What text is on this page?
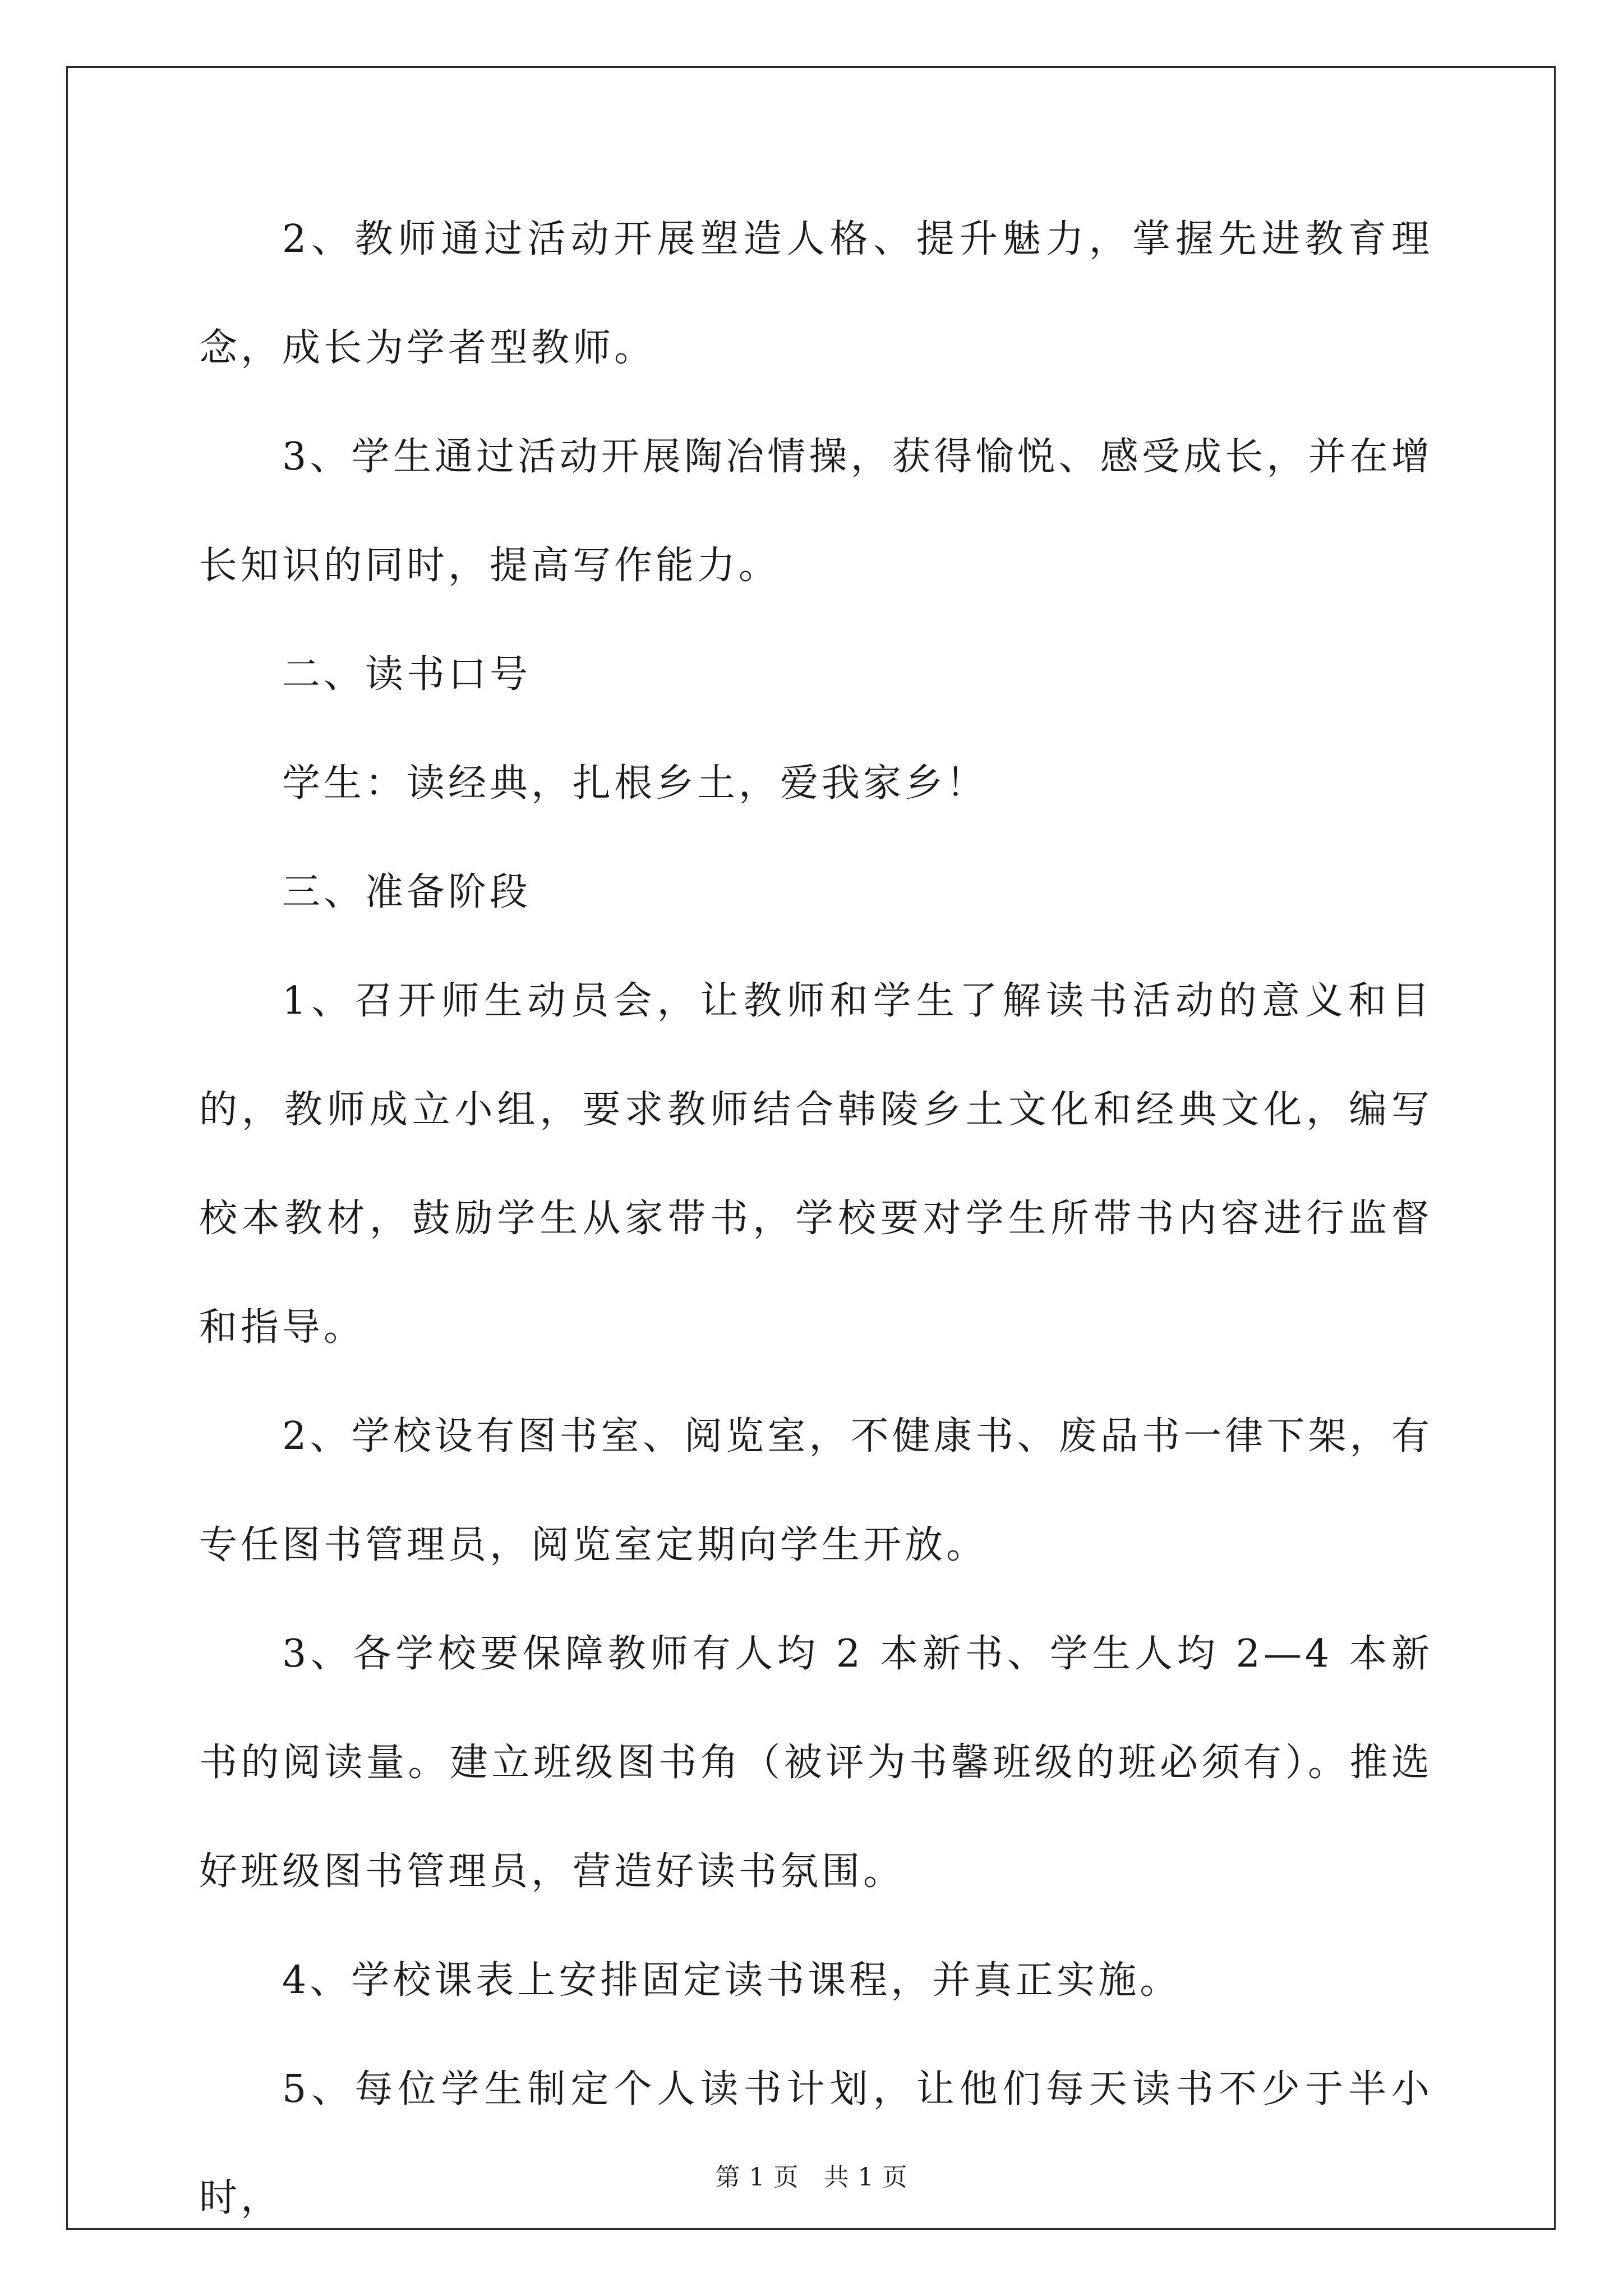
2、教师通过活动开展塑造人格、提升魅力，掌握先进教育理念，成长为学者型教师。

3、学生通过活动开展陶冶情操，获得愉悦、感受成长，并在增长知识的同时，提高写作能力。

二、读书口号

学生：读经典，扎根乡土，爱我家乡！

三、准备阶段

1、召开师生动员会，让教师和学生了解读书活动的意义和目的，教师成立小组，要求教师结合韩陵乡土文化和经典文化，编写校本教材，鼓励学生从家带书，学校要对学生所带书内容进行监督和指导。

2、学校设有图书室、阅览室，不健康书、废品书一律下架，有专任图书管理员，阅览室定期向学生开放。

3、各学校要保障教师有人均 2 本新书、学生人均 2—4 本新书的阅读量。建立班级图书角（被评为书馨班级的班必须有）。推选好班级图书管理员，营造好读书氛围。

4、学校课表上安排固定读书课程，并真正实施。

5、每位学生制定个人读书计划，让他们每天读书不少于半小时，	第 1 页　共 1 页
